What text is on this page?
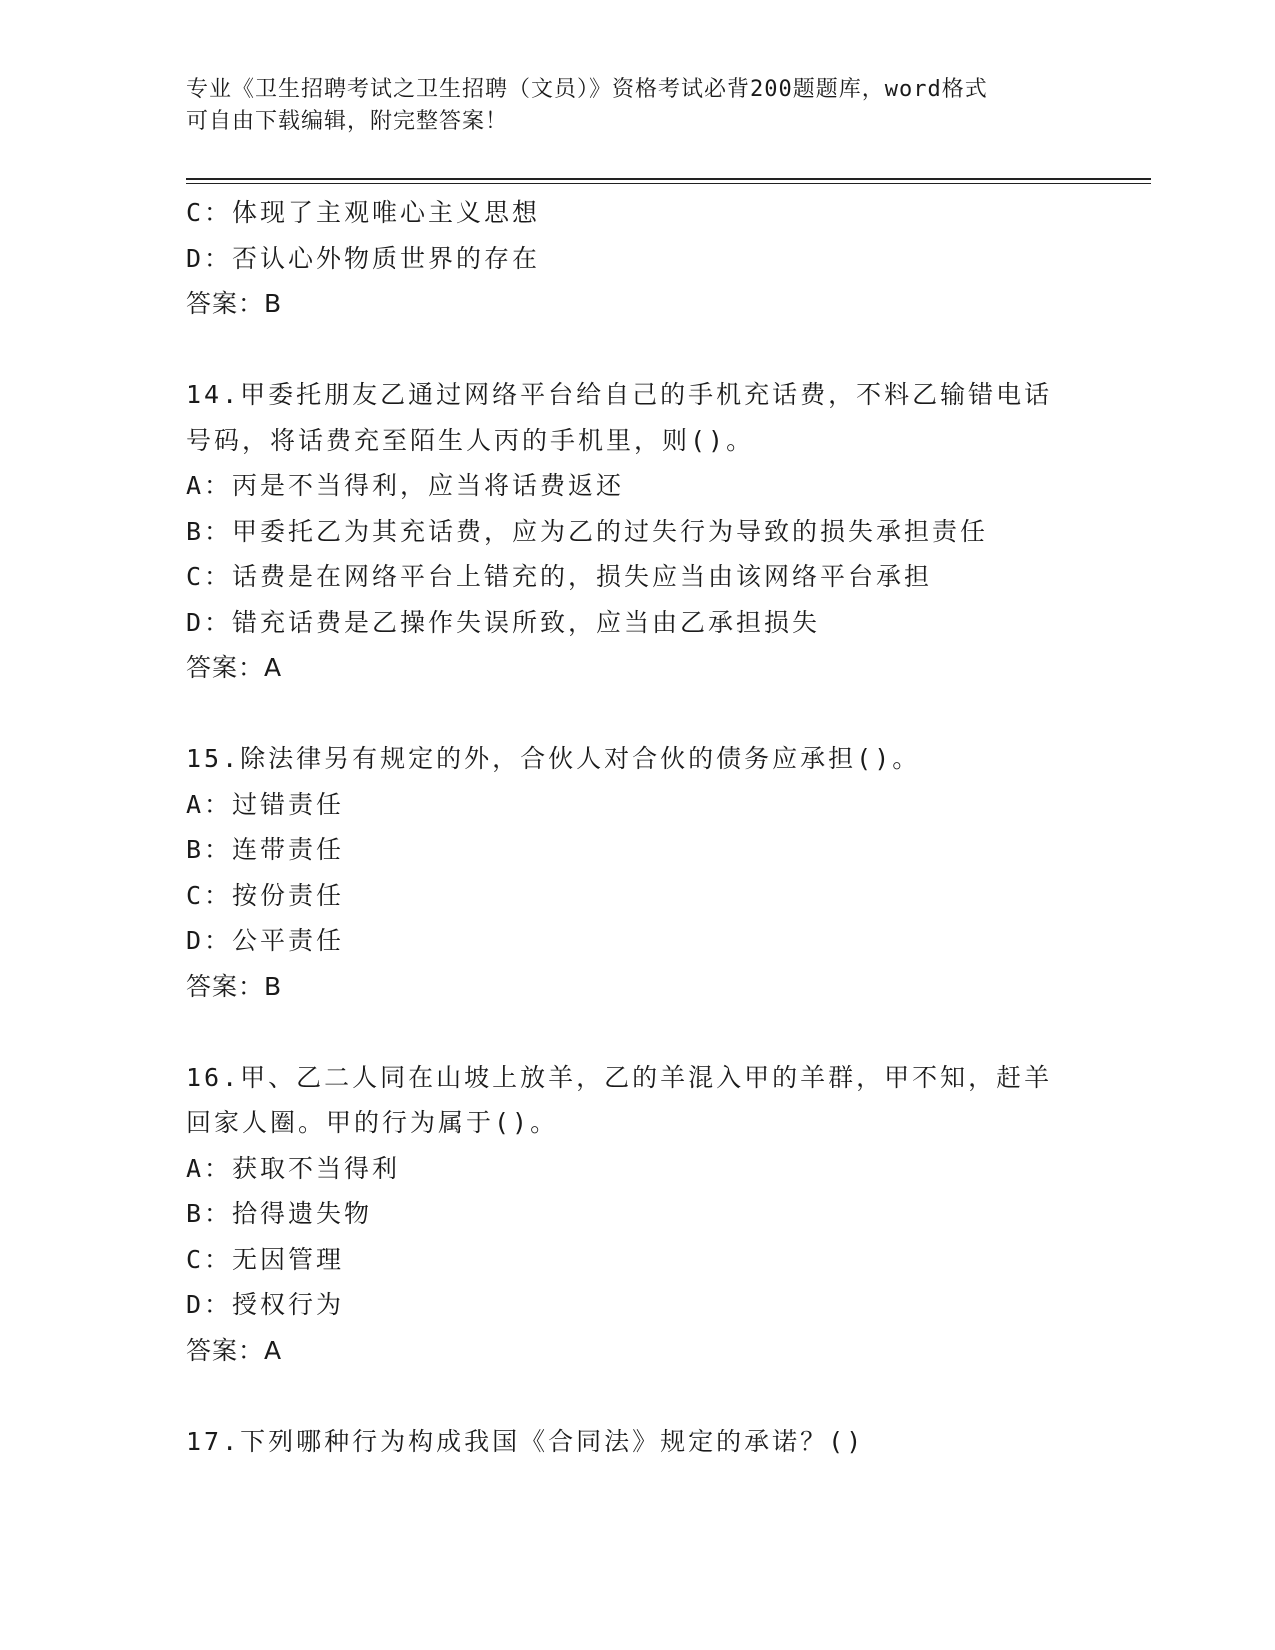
专业《卫生招聘考试之卫生招聘（文员）》资格考试必背200题题库，word格式
可自由下载编辑，附完整答案！
C：体现了主观唯心主义思想
D：否认心外物质世界的存在
答案：B
14.甲委托朋友乙通过网络平台给自己的手机充话费，不料乙输错电话
号码，将话费充至陌生人丙的手机里，则()。
A：丙是不当得利，应当将话费返还
B：甲委托乙为其充话费，应为乙的过失行为导致的损失承担责任
C：话费是在网络平台上错充的，损失应当由该网络平台承担
D：错充话费是乙操作失误所致，应当由乙承担损失
答案：A
15.除法律另有规定的外，合伙人对合伙的债务应承担()。
A：过错责任
B：连带责任
C：按份责任
D：公平责任
答案：B
16.甲、乙二人同在山坡上放羊，乙的羊混入甲的羊群，甲不知，赶羊
回家人圈。甲的行为属于()。
A：获取不当得利
B：拾得遗失物
C：无因管理
D：授权行为
答案：A
17.下列哪种行为构成我国《合同法》规定的承诺？()
